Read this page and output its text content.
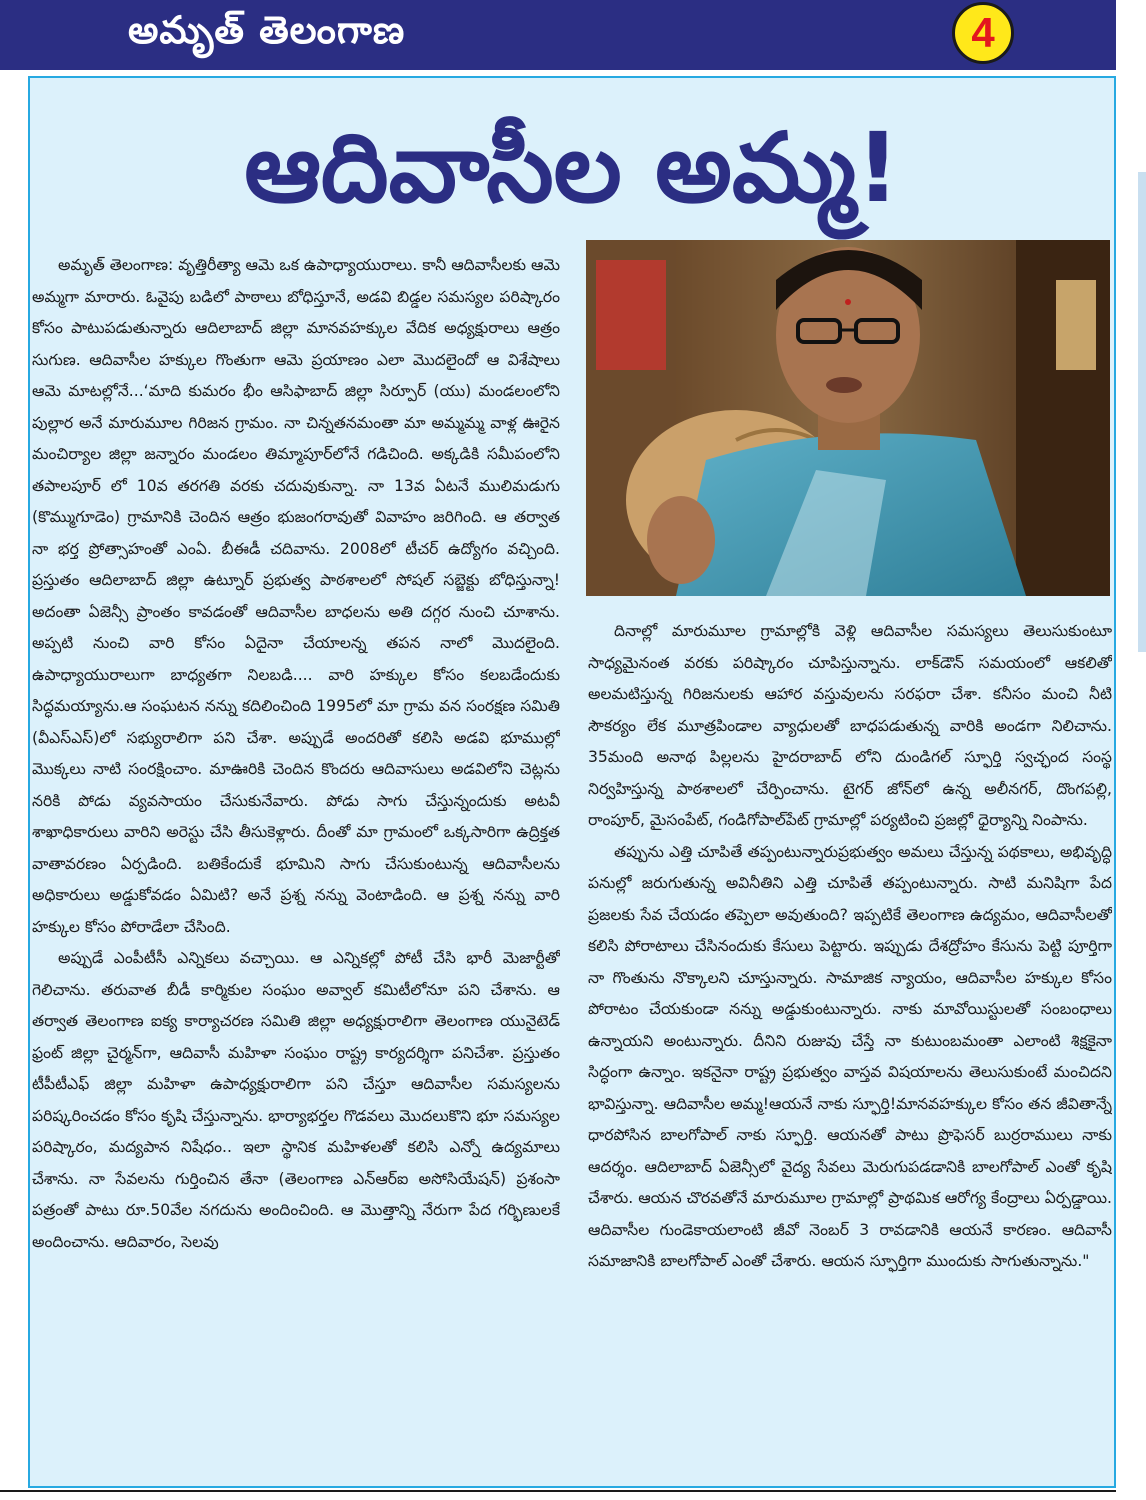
అమృత్ తెలంగాణ	4
ఆదివాసీల అమ్మ!

అమృత్ తెలంగాణ: వృత్తిరీత్యా ఆమె ఒక ఉపాధ్యాయురాలు. కానీ ఆదివాసీలకు ఆమె అమ్మగా మారారు. ఓవైపు బడిలో పాఠాలు బోధిస్తూనే, అడవి బిడ్డల సమస్యల పరిష్కారం కోసం పాటుపడుతున్నారు ఆదిలాబాద్ జిల్లా మానవహక్కుల వేదిక అధ్యక్షురాలు ఆత్రం సుగుణ. ఆదివాసీల హక్కుల గొంతుగా ఆమె ప్రయాణం ఎలా మొదలైందో ఆ విశేషాలు ఆమె మాటల్లోనే...‘మాది కుమరం భీం ఆసిఫాబాద్ జిల్లా సిర్పూర్ (యు) మండలంలోని పుల్లార అనే మారుమూల గిరిజన గ్రామం. నా చిన్నతనమంతా మా అమ్మమ్మ వాళ్ల ఊరైన మంచిర్యాల జిల్లా జన్నారం మండలం తిమ్మాపూర్‌లోనే గడిచింది. అక్కడికి సమీపంలోని తపాలపూర్ లో 10వ తరగతి వరకు చదువుకున్నా. నా 13వ ఏటనే ములిమడుగు (కొమ్ముగూడెం) గ్రామానికి చెందిన ఆత్రం భుజంగరావుతో వివాహం జరిగింది. ఆ తర్వాత నా భర్త ప్రోత్సాహంతో ఎంఏ. బీఈడీ చదివాను. 2008లో టీచర్ ఉద్యోగం వచ్చింది. ప్రస్తుతం ఆదిలాబాద్ జిల్లా ఉట్నూర్ ప్రభుత్వ పాఠశాలలో సోషల్ సబ్జెక్టు బోధిస్తున్నా! అదంతా ఏజెన్సీ ప్రాంతం కావడంతో ఆదివాసీల బాధలను అతి దగ్గర నుంచి చూశాను. అప్పటి నుంచి వారి కోసం ఏదైనా చేయాలన్న తపన నాలో మొదలైంది. ఉపాధ్యాయురాలుగా బాధ్యతగా నిలబడి.... వారి హక్కుల కోసం కలబడేందుకు సిద్ధమయ్యాను.ఆ సంఘటన నన్ను కదిలించింది 1995లో మా గ్రామ వన సంరక్షణ సమితి (వీఎస్ఎస్)లో సభ్యురాలిగా పని చేశా. అప్పుడే అందరితో కలిసి అడవి భూముల్లో మొక్కలు నాటి సంరక్షించాం. మాఊరికి చెందిన కొందరు ఆదివాసులు అడవిలోని చెట్లను నరికి పోడు వ్యవసాయం చేసుకునేవారు. పోడు సాగు చేస్తున్నందుకు అటవీ శాఖాధికారులు వారిని అరెస్టు చేసి తీసుకెళ్లారు. దీంతో మా గ్రామంలో ఒక్కసారిగా ఉద్రిక్తత వాతావరణం ఏర్పడింది. బతికేందుకే భూమిని సాగు చేసుకుంటున్న ఆదివాసీలను అధికారులు అడ్డుకోవడం ఏమిటి? అనే ప్రశ్న నన్ను వెంటాడింది. ఆ ప్రశ్న నన్ను వారి హక్కుల కోసం పోరాడేలా చేసింది.

అప్పుడే ఎంపీటీసీ ఎన్నికలు వచ్చాయి. ఆ ఎన్నికల్లో పోటీ చేసి భారీ మెజార్టీతో గెలిచాను. తరువాత బీడీ కార్మికుల సంఘం అవ్వాల్ కమిటీలోనూ పని చేశాను. ఆ తర్వాత తెలంగాణ ఐక్య కార్యాచరణ సమితి జిల్లా అధ్యక్షురాలిగా తెలంగాణ యునైటెడ్ ఫ్రంట్ జిల్లా చైర్మన్‌గా, ఆదివాసీ మహిళా సంఘం రాష్ట్ర కార్యదర్శిగా పనిచేశా. ప్రస్తుతం టీపీటీఎఫ్ జిల్లా మహిళా ఉపాధ్యక్షురాలిగా పని చేస్తూ ఆదివాసీల సమస్యలను పరిష్కరించడం కోసం కృషి చేస్తున్నాను. భార్యాభర్తల గొడవలు మొదలుకొని భూ సమస్యల పరిష్కారం, మద్యపాన నిషేధం.. ఇలా స్థానిక మహిళలతో కలిసి ఎన్నో ఉద్యమాలు చేశాను. నా సేవలను గుర్తించిన తేనా (తెలంగాణ ఎన్ఆర్ఐ అసోసియేషన్) ప్రశంసా పత్రంతో పాటు రూ.50వేల నగదును అందించింది. ఆ మొత్తాన్ని నేరుగా పేద గర్భిణులకే అందించాను. ఆదివారం, సెలవు

దినాల్లో మారుమూల గ్రామాల్లోకి వెళ్లి ఆదివాసీల సమస్యలు తెలుసుకుంటూ సాధ్యమైనంత వరకు పరిష్కారం చూపిస్తున్నాను. లాక్‌డౌన్ సమయంలో ఆకలితో అలమటిస్తున్న గిరిజనులకు ఆహార వస్తువులను సరఫరా చేశా. కనీసం మంచి నీటి సౌకర్యం లేక మూత్రపిండాల వ్యాధులతో బాధపడుతున్న వారికి అండగా నిలిచాను. 35మంది అనాథ పిల్లలను హైదరాబాద్ లోని దుండిగల్ స్ఫూర్తి స్వచ్ఛంద సంస్థ నిర్వహిస్తున్న పాఠశాలలో చేర్పించాను. టైగర్ జోన్‌లో ఉన్న అలీనగర్, దొంగపల్లి, రాంపూర్, మైసంపేట్, గండిగోపాల్‌పేట్ గ్రామాల్లో పర్యటించి ప్రజల్లో ధైర్యాన్ని నింపాను.

తప్పును ఎత్తి చూపితే తప్పంటున్నారుప్రభుత్వం అమలు చేస్తున్న పథకాలు, అభివృద్ధి పనుల్లో జరుగుతున్న అవినీతిని ఎత్తి చూపితే తప్పంటున్నారు. సాటి మనిషిగా పేద ప్రజలకు సేవ చేయడం తప్పెలా అవుతుంది? ఇప్పటికే తెలంగాణ ఉద్యమం, ఆదివాసీలతో కలిసి పోరాటాలు చేసినందుకు కేసులు పెట్టారు. ఇప్పుడు దేశద్రోహం కేసును పెట్టి పూర్తిగా నా గొంతును నొక్కాలని చూస్తున్నారు. సామాజిక న్యాయం, ఆదివాసీల హక్కుల కోసం పోరాటం చేయకుండా నన్ను అడ్డుకుంటున్నారు. నాకు మావోయిస్టులతో సంబంధాలు ఉన్నాయని అంటున్నారు. దీనిని రుజువు చేస్తే నా కుటుంబమంతా ఎలాంటి శిక్షకైనా సిద్ధంగా ఉన్నాం. ఇకనైనా రాష్ట్ర ప్రభుత్వం వాస్తవ విషయాలను తెలుసుకుంటే మంచిదని భావిస్తున్నా. ఆదివాసీల అమ్మ!ఆయనే నాకు స్ఫూర్తి!మానవహక్కుల కోసం తన జీవితాన్నే ధారపోసిన బాలగోపాల్ నాకు స్ఫూర్తి. ఆయనతో పాటు ప్రొఫెసర్ బుర్రరాములు నాకు ఆదర్శం. ఆదిలాబాద్ ఏజెన్సీలో వైద్య సేవలు మెరుగుపడడానికి బాలగోపాల్ ఎంతో కృషి చేశారు. ఆయన చొరవతోనే మారుమూల గ్రామాల్లో ప్రాథమిక ఆరోగ్య కేంద్రాలు ఏర్పడ్డాయి. ఆదివాసీల గుండెకాయలాంటి జీవో నెంబర్ 3 రావడానికి ఆయనే కారణం. ఆదివాసీ సమాజానికి బాలగోపాల్ ఎంతో చేశారు. ఆయన స్ఫూర్తిగా ముందుకు సాగుతున్నాను."
